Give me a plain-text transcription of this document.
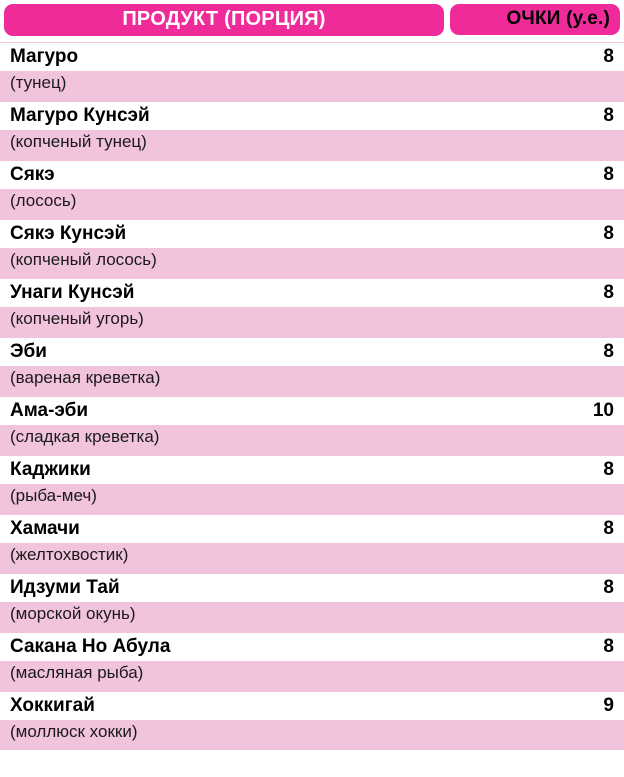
ПРОДУКТ (ПОРЦИЯ)	ОЧКИ (у.е.)
Магуро	8
(тунец)
Магуро Кунсэй	8
(копченый тунец)
Сякэ	8
(лосось)
Сякэ Кунсэй	8
(копченый лосось)
Унаги Кунсэй	8
(копченый угорь)
Эби	8
(вареная креветка)
Ама-эби	10
(сладкая креветка)
Каджики	8
(рыба-меч)
Хамачи	8
(желтохвостик)
Идзуми Тай	8
(морской окунь)
Сакана Но Абула	8
(масляная рыба)
Хоккигай	9
(моллюск хокки)
